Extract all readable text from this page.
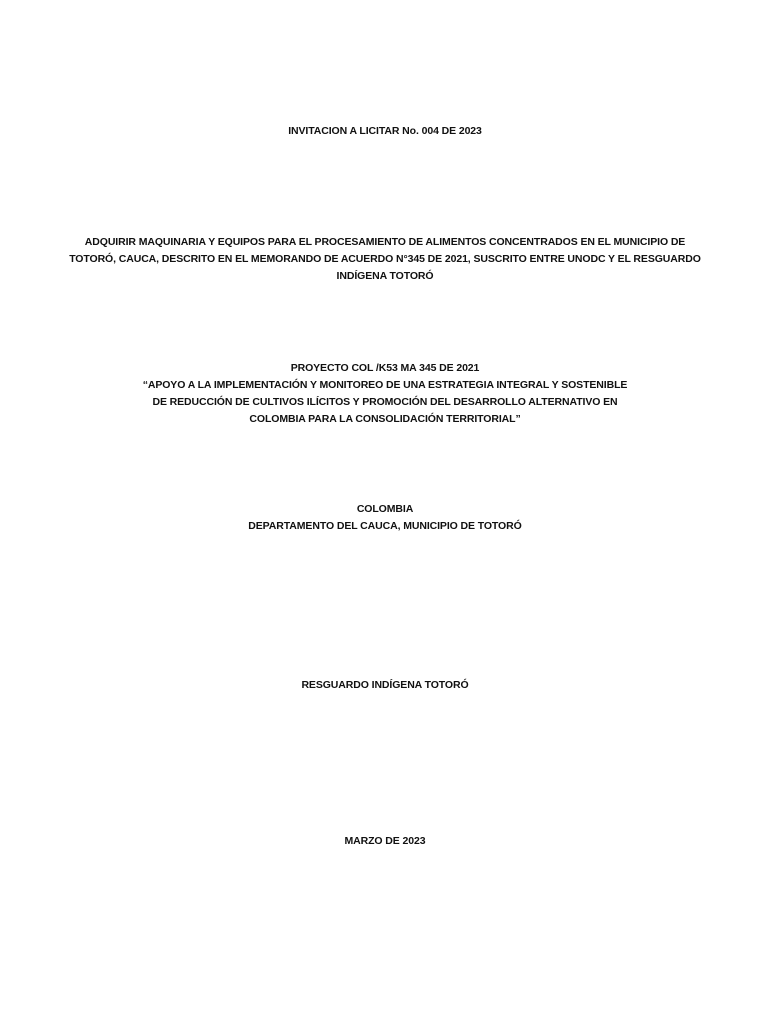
INVITACION A LICITAR No. 004 DE 2023
ADQUIRIR MAQUINARIA Y EQUIPOS PARA EL PROCESAMIENTO DE ALIMENTOS CONCENTRADOS EN EL MUNICIPIO DE
TOTORÓ, CAUCA, DESCRITO EN EL MEMORANDO DE ACUERDO N°345 DE 2021, SUSCRITO ENTRE UNODC Y EL RESGUARDO
INDÍGENA TOTORÓ
PROYECTO COL /K53 MA 345 DE 2021
“APOYO A LA IMPLEMENTACIÓN Y MONITOREO DE UNA ESTRATEGIA INTEGRAL Y SOSTENIBLE
DE REDUCCIÓN DE CULTIVOS ILÍCITOS Y PROMOCIÓN DEL DESARROLLO ALTERNATIVO EN
COLOMBIA PARA LA CONSOLIDACIÓN TERRITORIAL”
COLOMBIA
DEPARTAMENTO DEL CAUCA, MUNICIPIO DE TOTORÓ
RESGUARDO INDÍGENA TOTORÓ
MARZO DE 2023
